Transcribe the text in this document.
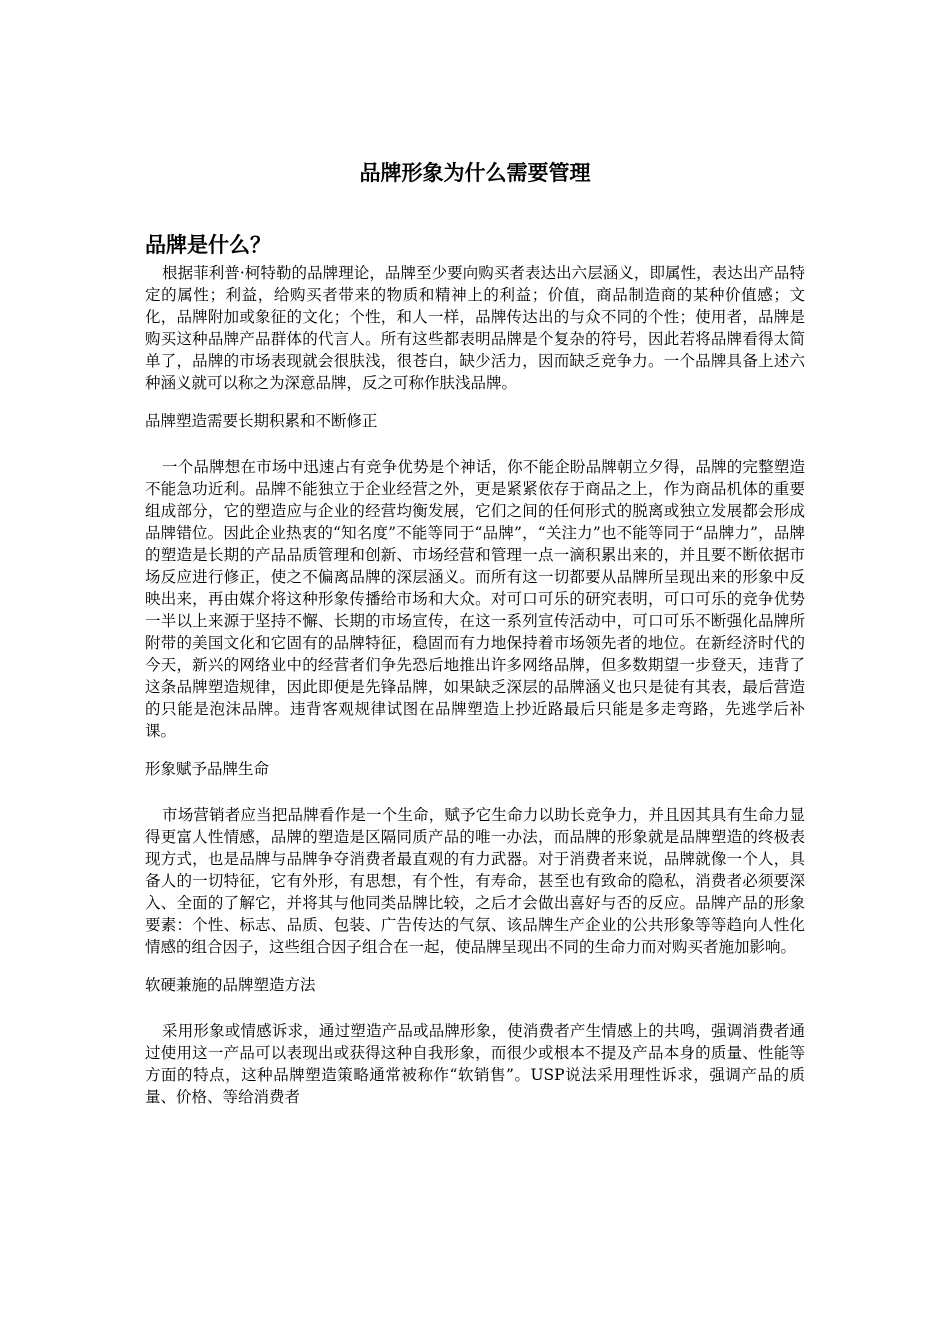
品牌形象为什么需要管理
品牌是什么？

根据菲利普·柯特勒的品牌理论，品牌至少要向购买者表达出六层涵义，即属性，表达出产品特定的属性；利益，给购买者带来的物质和精神上的利益；价值，商品制造商的某种价值感；文化，品牌附加或象征的文化；个性，和人一样，品牌传达出的与众不同的个性；使用者，品牌是购买这种品牌产品群体的代言人。所有这些都表明品牌是个复杂的符号，因此若将品牌看得太简单了，品牌的市场表现就会很肤浅，很苍白，缺少活力，因而缺乏竞争力。一个品牌具备上述六种涵义就可以称之为深意品牌，反之可称作肤浅品牌。

品牌塑造需要长期积累和不断修正

一个品牌想在市场中迅速占有竞争优势是个神话，你不能企盼品牌朝立夕得，品牌的完整塑造不能急功近利。品牌不能独立于企业经营之外，更是紧紧依存于商品之上，作为商品机体的重要组成部分，它的塑造应与企业的经营均衡发展，它们之间的任何形式的脱离或独立发展都会形成品牌错位。因此企业热衷的“知名度”不能等同于“品牌”，“关注力”也不能等同于“品牌力”，品牌的塑造是长期的产品品质管理和创新、市场经营和管理一点一滴积累出来的，并且要不断依据市场反应进行修正，使之不偏离品牌的深层涵义。而所有这一切都要从品牌所呈现出来的形象中反映出来，再由媒介将这种形象传播给市场和大众。对可口可乐的研究表明，可口可乐的竞争优势一半以上来源于坚持不懈、长期的市场宣传，在这一系列宣传活动中，可口可乐不断强化品牌所附带的美国文化和它固有的品牌特征，稳固而有力地保持着市场领先者的地位。在新经济时代的今天，新兴的网络业中的经营者们争先恐后地推出许多网络品牌，但多数期望一步登天，违背了这条品牌塑造规律，因此即便是先锋品牌，如果缺乏深层的品牌涵义也只是徒有其表，最后营造的只能是泡沫品牌。违背客观规律试图在品牌塑造上抄近路最后只能是多走弯路，先逃学后补课。

形象赋予品牌生命

市场营销者应当把品牌看作是一个生命，赋予它生命力以助长竞争力，并且因其具有生命力显得更富人性情感，品牌的塑造是区隔同质产品的唯一办法，而品牌的形象就是品牌塑造的终极表现方式，也是品牌与品牌争夺消费者最直观的有力武器。对于消费者来说，品牌就像一个人，具备人的一切特征，它有外形，有思想，有个性，有寿命，甚至也有致命的隐私，消费者必须要深入、全面的了解它，并将其与他同类品牌比较，之后才会做出喜好与否的反应。品牌产品的形象要素：个性、标志、品质、包装、广告传达的气氛、该品牌生产企业的公共形象等等趋向人性化情感的组合因子，这些组合因子组合在一起，使品牌呈现出不同的生命力而对购买者施加影响。

软硬兼施的品牌塑造方法

采用形象或情感诉求，通过塑造产品或品牌形象，使消费者产生情感上的共鸣，强调消费者通过使用这一产品可以表现出或获得这种自我形象，而很少或根本不提及产品本身的质量、性能等方面的特点，这种品牌塑造策略通常被称作“软销售”。USP说法采用理性诉求，强调产品的质量、价格、等给消费者
